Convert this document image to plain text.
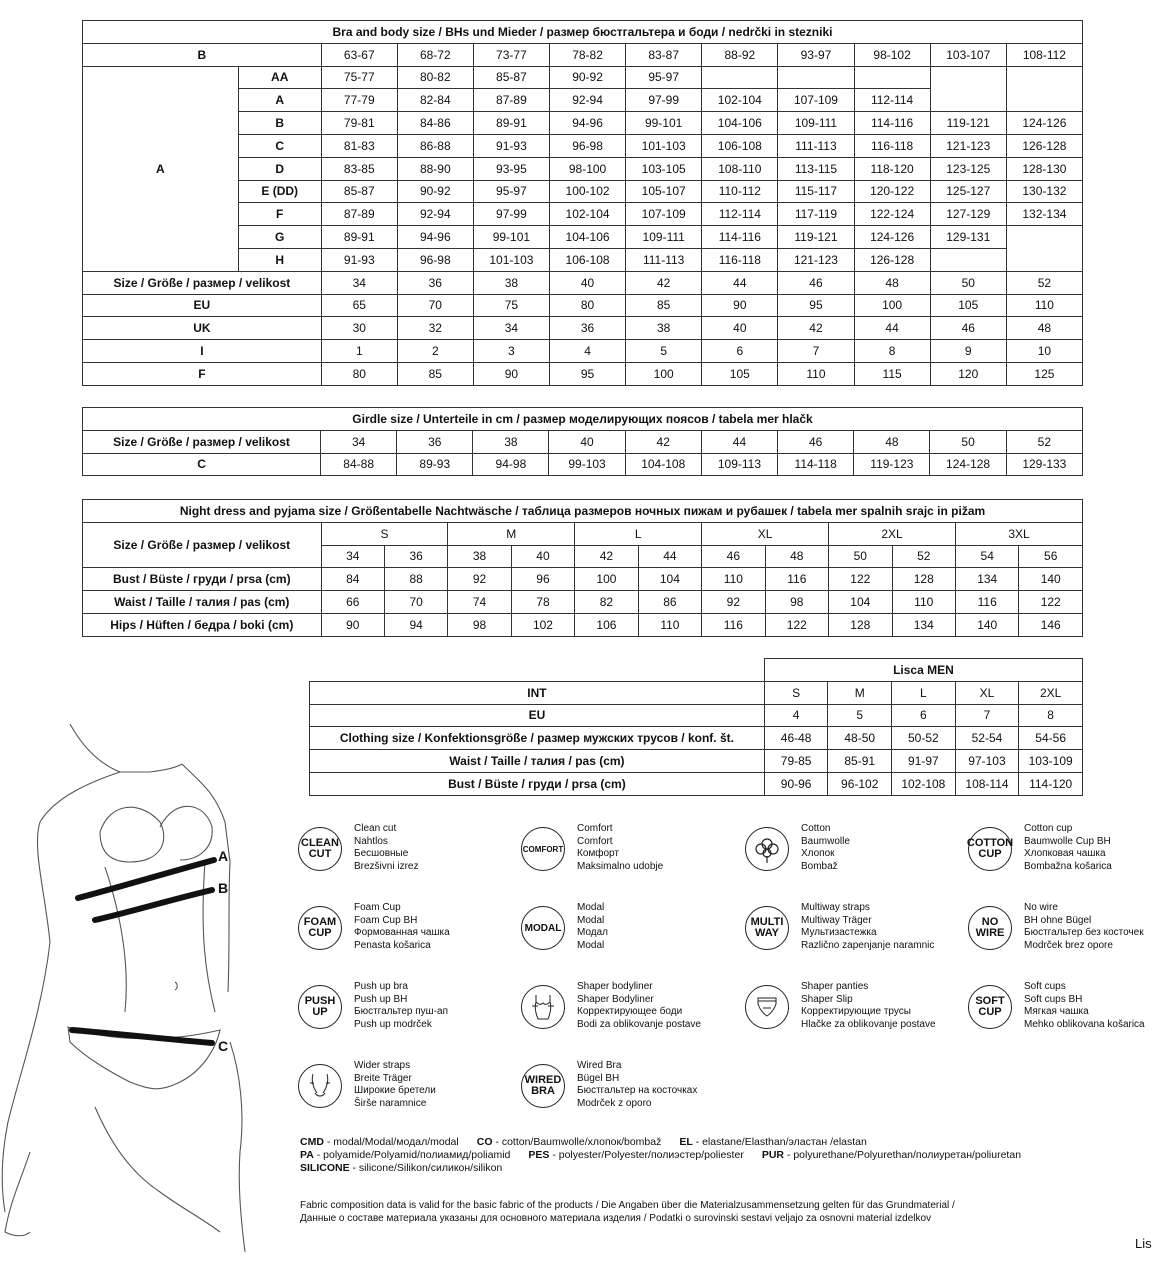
Bra and body size / BHs und Mieder / размер бюстгальтера и боди / nedrčki in stezniki											
B		63-67	68-72	73-77	78-82	83-87	88-92	93-97	98-102	103-107	108-112
A	AA	75-77	80-82	85-87	90-92	95-97					
	A	77-79	82-84	87-89	92-94	97-99	102-104	107-109	112-114		
	B	79-81	84-86	89-91	94-96	99-101	104-106	109-111	114-116	119-121	124-126
	C	81-83	86-88	91-93	96-98	101-103	106-108	111-113	116-118	121-123	126-128
	D	83-85	88-90	93-95	98-100	103-105	108-110	113-115	118-120	123-125	128-130
	E (DD)	85-87	90-92	95-97	100-102	105-107	110-112	115-117	120-122	125-127	130-132
	F	87-89	92-94	97-99	102-104	107-109	112-114	117-119	122-124	127-129	132-134
	G	89-91	94-96	99-101	104-106	109-111	114-116	119-121	124-126	129-131	
	H	91-93	96-98	101-103	106-108	111-113	116-118	121-123	126-128		
Size / Größe / размер / velikost		34	36	38	40	42	44	46	48	50	52
EU		65	70	75	80	85	90	95	100	105	110
UK		30	32	34	36	38	40	42	44	46	48
I		1	2	3	4	5	6	7	8	9	10
F		80	85	90	95	100	105	110	115	120	125
Girdle size / Unterteile in cm / размер моделирующих поясов / tabela mer hlačk										
Size / Größe / размер / velikost	34	36	38	40	42	44	46	48	50	52
C	84-88	89-93	94-98	99-103	104-108	109-113	114-118	119-123	124-128	129-133
Night dress and pyjama size / Größentabelle Nachtwäsche / таблица размеров ночных пижам и рубашек / tabela mer spalnih srajc in pižam												
Size / Größe / размер / velikost	S		M		L		XL		2XL		3XL	
	34	36	38	40	42	44	46	48	50	52	54	56
Bust / Büste / груди / prsa (cm)	84	88	92	96	100	104	110	116	122	128	134	140
Waist / Taille / талия / pas (cm)	66	70	74	78	82	86	92	98	104	110	116	122
Hips / Hüften / бедра / boki (cm)	90	94	98	102	106	110	116	122	128	134	140	146
	Lisca MEN				
INT	S	M	L	XL	2XL
EU	4	5	6	7	8
Clothing size / Konfektionsgröße / размер мужских трусов / konf. št.	46-48	48-50	50-52	52-54	54-56
Waist / Taille / талия / pas (cm)	79-85	85-91	91-97	97-103	103-109
Bust / Büste / груди / prsa (cm)	90-96	96-102	102-108	108-114	114-120
A
B
C
CLEAN
CUT
Clean cut
Nahtlos
Бесшовные
Brezšivni izrez
COMFORT
Comfort
Comfort
Комфорт
Maksimalno udobje
Cotton
Baumwolle
Хлопок
Bombaž
COTTON
CUP
Cotton cup
Baumwolle Cup BH
Хлопковая чашка
Bombažna košarica
FOAM
CUP
Foam Cup
Foam Cup BH
Формованная чашка
Penasta košarica
MODAL
Modal
Modal
Модал
Modal
MULTI
WAY
Multiway straps
Multiway Träger
Мультизастежка
Različno zapenjanje naramnic
NO
WIRE
No wire
BH ohne Bügel
Бюстгальтер без косточек
Modrček brez opore
PUSH
UP
Push up bra
Push up BH
Бюстгальтер пуш-ап
Push up modrček
Shaper bodyliner
Shaper Bodyliner
Корректирующее боди
Bodi za oblikovanje postave
Shaper panties
Shaper Slip
Корректирующие трусы
Hlačke za oblikovanje postave
SOFT
CUP
Soft cups
Soft cups BH
Мягкая чашка
Mehko oblikovana košarica
Wider straps
Breite Träger
Широкие бретели
Širše naramnice
WIRED
BRA
Wired Bra
Bügel BH
Бюстгальтер на косточках
Modrček z oporo
CMD - modal/Modal/модал/modal CO - cotton/Baumwolle/хлопок/bombaž EL - elastane/Elasthan/эластан /elastan
PA - polyamide/Polyamid/полиамид/poliamid PES - polyester/Polyester/полиэстер/poliester PUR - polyurethane/Polyurethan/полиуретан/poliuretan
SILICONE - silicone/Silikon/силикон/silikon
Fabric composition data is valid for the basic fabric of the products / Die Angaben über die Materialzusammensetzung gelten für das Grundmaterial /
Данные о составе материала указаны для основного материала изделия / Podatki o surovinski sestavi veljajo za osnovni material izdelkov
Lis
